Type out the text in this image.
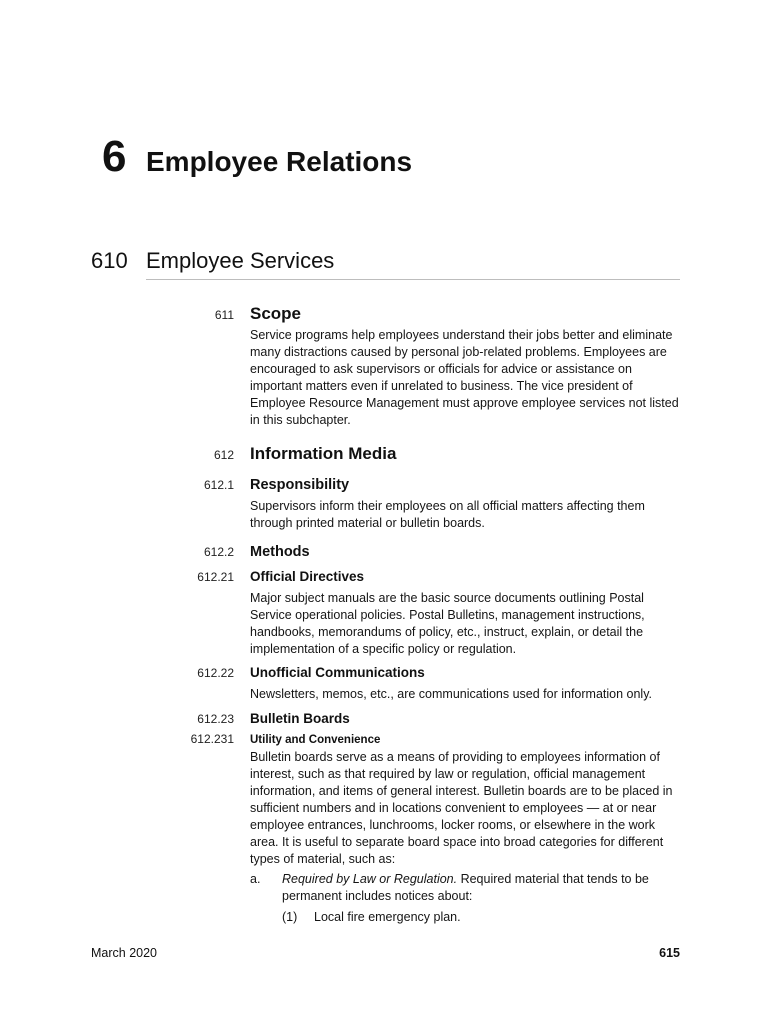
6 Employee Relations
610 Employee Services
611 Scope
Service programs help employees understand their jobs better and eliminate many distractions caused by personal job-related problems. Employees are encouraged to ask supervisors or officials for advice or assistance on important matters even if unrelated to business. The vice president of Employee Resource Management must approve employee services not listed in this subchapter.
612 Information Media
612.1 Responsibility
Supervisors inform their employees on all official matters affecting them through printed material or bulletin boards.
612.2 Methods
612.21 Official Directives
Major subject manuals are the basic source documents outlining Postal Service operational policies. Postal Bulletins, management instructions, handbooks, memorandums of policy, etc., instruct, explain, or detail the implementation of a specific policy or regulation.
612.22 Unofficial Communications
Newsletters, memos, etc., are communications used for information only.
612.23 Bulletin Boards
612.231 Utility and Convenience
Bulletin boards serve as a means of providing to employees information of interest, such as that required by law or regulation, official management information, and items of general interest. Bulletin boards are to be placed in sufficient numbers and in locations convenient to employees — at or near employee entrances, lunchrooms, locker rooms, or elsewhere in the work area. It is useful to separate board space into broad categories for different types of material, such as:
a. Required by Law or Regulation. Required material that tends to be permanent includes notices about:
(1) Local fire emergency plan.
March 2020	615
